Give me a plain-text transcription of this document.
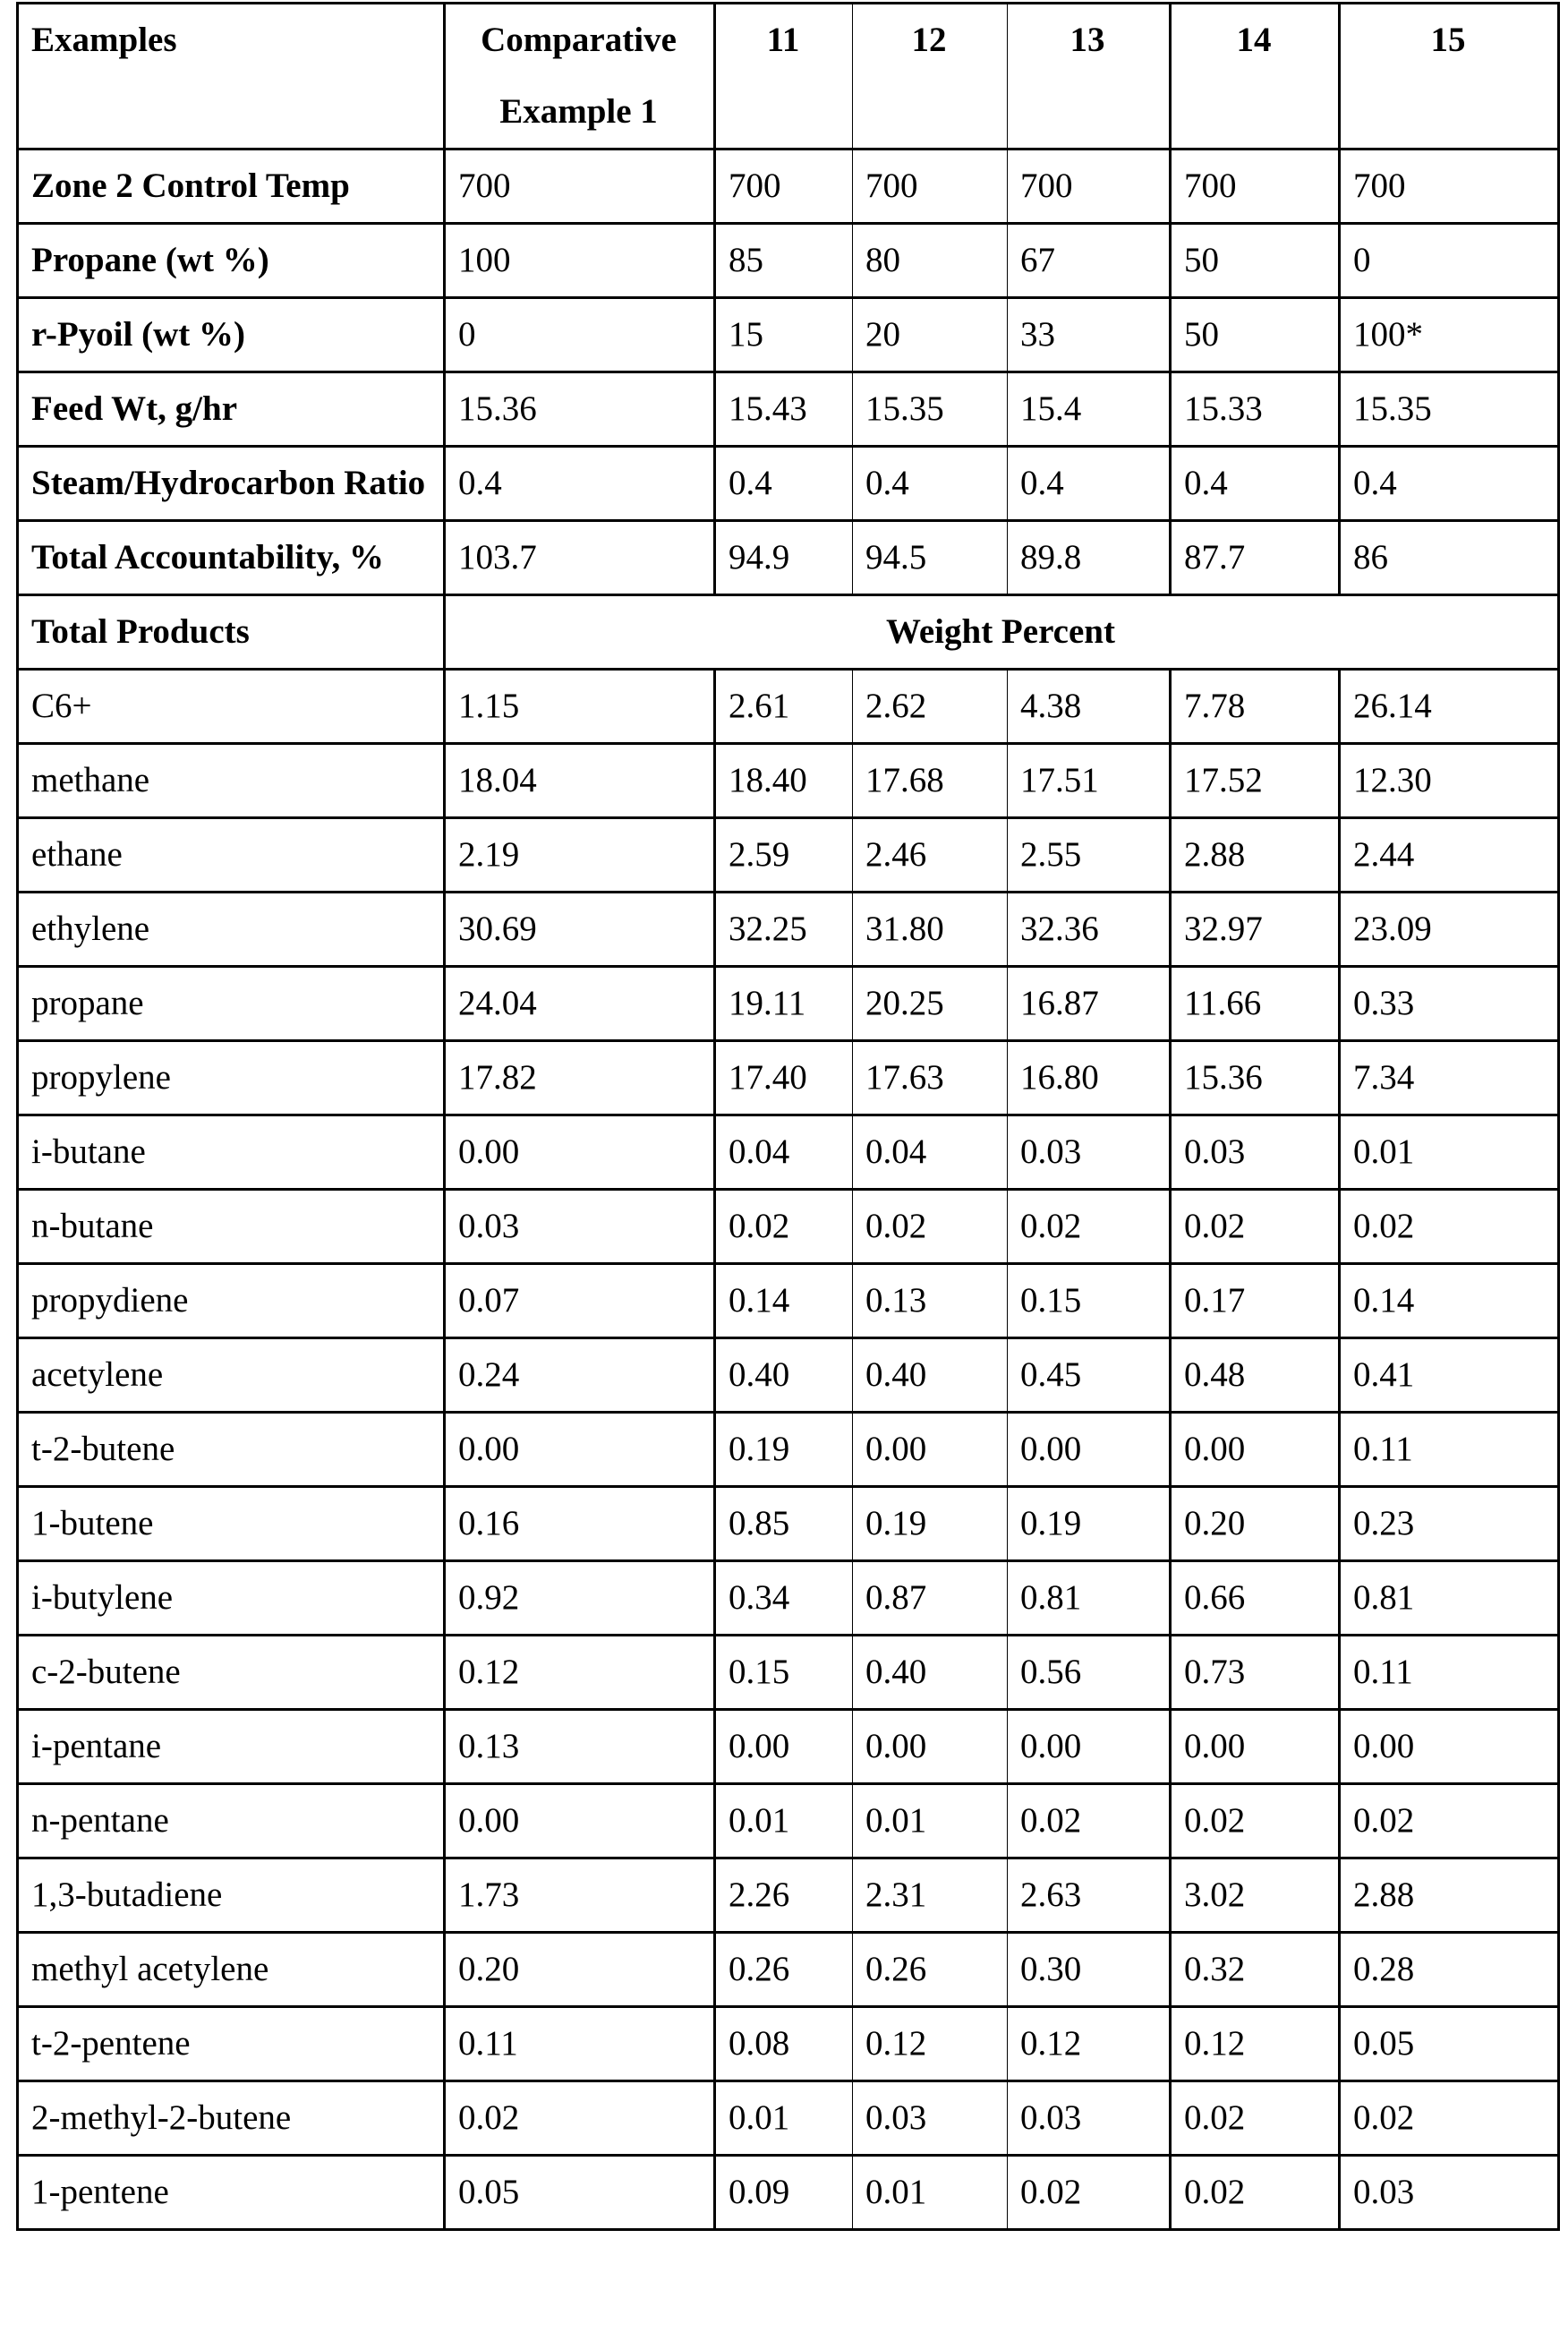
Examples	Comparative Example 1	11	12	13	14	15
Zone 2 Control Temp	700	700	700	700	700	700
Propane (wt %)	100	85	80	67	50	0
r-Pyoil (wt %)	0	15	20	33	50	100*
Feed Wt, g/hr	15.36	15.43	15.35	15.4	15.33	15.35
Steam/Hydrocarbon Ratio	0.4	0.4	0.4	0.4	0.4	0.4
Total Accountability, %	103.7	94.9	94.5	89.8	87.7	86
Total Products	Weight Percent
C6+	1.15	2.61	2.62	4.38	7.78	26.14
methane	18.04	18.40	17.68	17.51	17.52	12.30
ethane	2.19	2.59	2.46	2.55	2.88	2.44
ethylene	30.69	32.25	31.80	32.36	32.97	23.09
propane	24.04	19.11	20.25	16.87	11.66	0.33
propylene	17.82	17.40	17.63	16.80	15.36	7.34
i-butane	0.00	0.04	0.04	0.03	0.03	0.01
n-butane	0.03	0.02	0.02	0.02	0.02	0.02
propydiene	0.07	0.14	0.13	0.15	0.17	0.14
acetylene	0.24	0.40	0.40	0.45	0.48	0.41
t-2-butene	0.00	0.19	0.00	0.00	0.00	0.11
1-butene	0.16	0.85	0.19	0.19	0.20	0.23
i-butylene	0.92	0.34	0.87	0.81	0.66	0.81
c-2-butene	0.12	0.15	0.40	0.56	0.73	0.11
i-pentane	0.13	0.00	0.00	0.00	0.00	0.00
n-pentane	0.00	0.01	0.01	0.02	0.02	0.02
1,3-butadiene	1.73	2.26	2.31	2.63	3.02	2.88
methyl acetylene	0.20	0.26	0.26	0.30	0.32	0.28
t-2-pentene	0.11	0.08	0.12	0.12	0.12	0.05
2-methyl-2-butene	0.02	0.01	0.03	0.03	0.02	0.02
1-pentene	0.05	0.09	0.01	0.02	0.02	0.03
